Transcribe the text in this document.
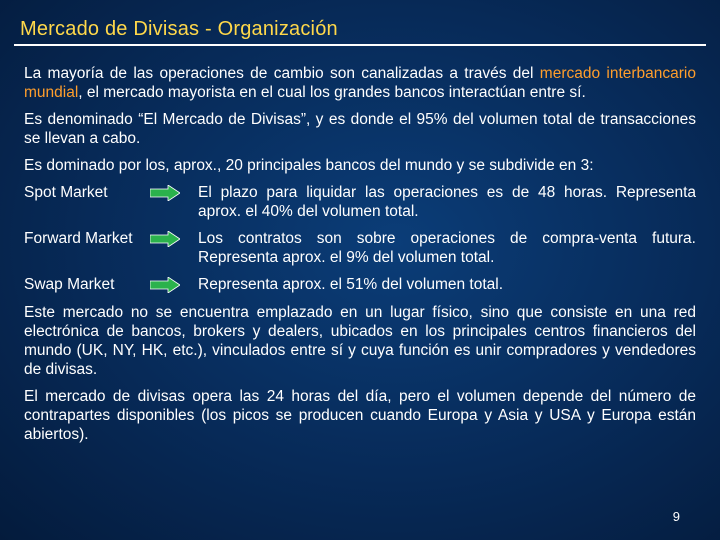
Mercado de Divisas - Organización

La mayoría de las operaciones de cambio son canalizadas a través del mercado interbancario mundial, el mercado mayorista en el cual los grandes bancos interactúan entre sí.

Es denominado “El Mercado de Divisas”, y es donde el 95% del volumen total de transacciones se llevan a cabo.

Es dominado por los, aprox., 20 principales bancos del mundo y se subdivide en 3:

Spot Market	El plazo para liquidar las operaciones es de 48 horas. Representa aprox. el 40% del volumen total.
Forward Market	Los contratos son sobre operaciones de compra-venta futura. Representa aprox. el 9% del volumen total.
Swap Market	Representa aprox. el 51% del volumen total.

Este mercado no se encuentra emplazado en un lugar físico, sino que consiste en una red electrónica de bancos, brokers y dealers, ubicados en los principales centros financieros del mundo (UK, NY, HK, etc.), vinculados entre sí y cuya función es unir compradores y vendedores de divisas.

El mercado de divisas opera las 24 horas del día, pero el volumen depende del número de contrapartes disponibles (los picos se producen cuando Europa y Asia y USA y Europa están abiertos).

9
